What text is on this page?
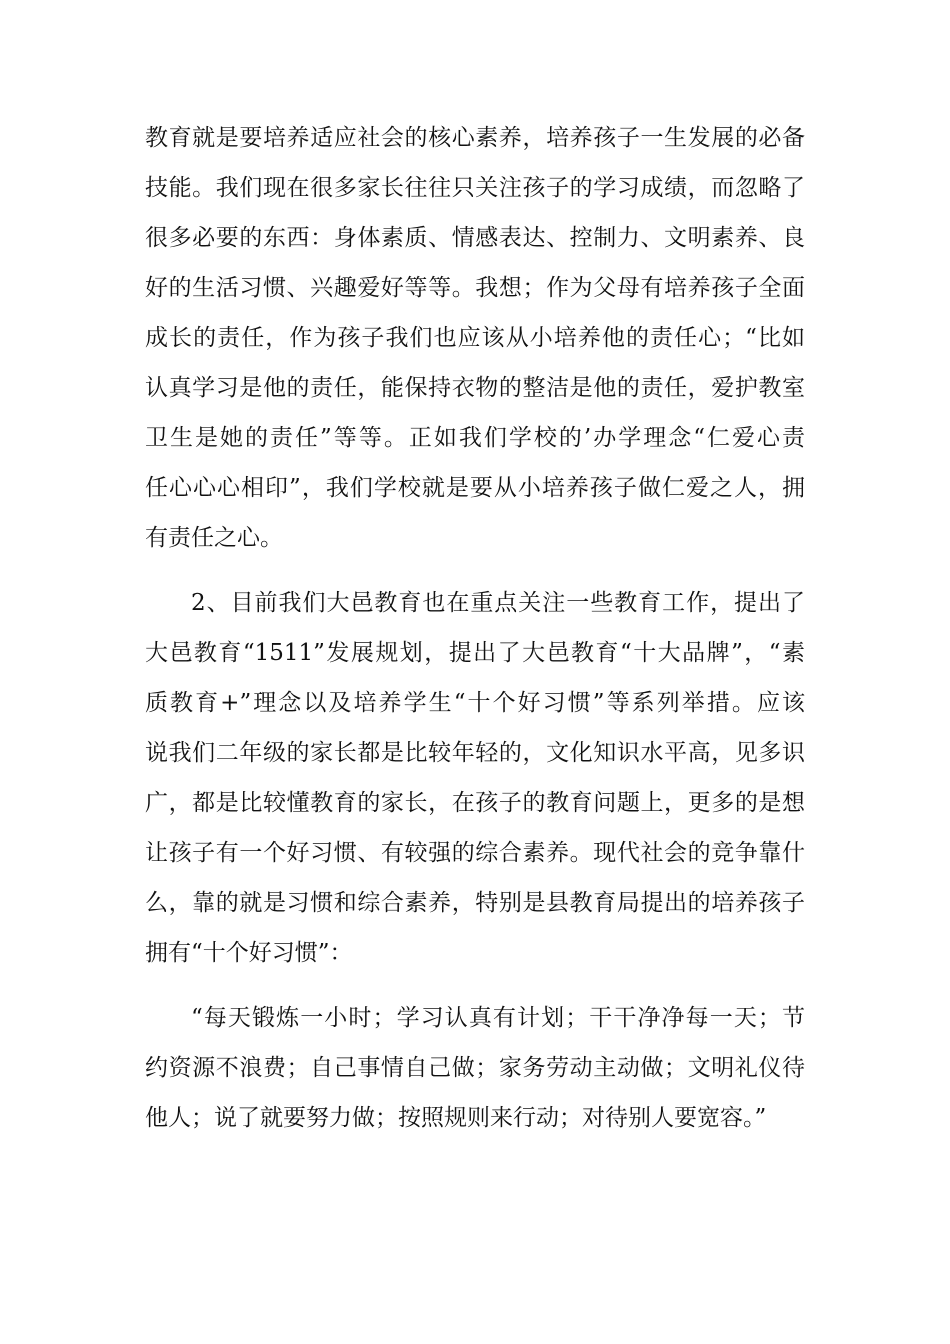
教育就是要培养适应社会的核心素养，培养孩子一生发展的必备
技能。我们现在很多家长往往只关注孩子的学习成绩，而忽略了
很多必要的东西：身体素质、情感表达、控制力、文明素养、良
好的生活习惯、兴趣爱好等等。我想；作为父母有培养孩子全面
成长的责任，作为孩子我们也应该从小培养他的责任心；“比如
认真学习是他的责任，能保持衣物的整洁是他的责任，爱护教室
卫生是她的责任”等等。正如我们学校的’办学理念“仁爱心责
任心心心相印”，我们学校就是要从小培养孩子做仁爱之人，拥
有责任之心。
2、目前我们大邑教育也在重点关注一些教育工作，提出了
大邑教育“1511”发展规划，提出了大邑教育“十大品牌”，“素
质教育+”理念以及培养学生“十个好习惯”等系列举措。应该
说我们二年级的家长都是比较年轻的，文化知识水平高，见多识
广，都是比较懂教育的家长，在孩子的教育问题上，更多的是想
让孩子有一个好习惯、有较强的综合素养。现代社会的竞争靠什
么，靠的就是习惯和综合素养，特别是县教育局提出的培养孩子
拥有“十个好习惯”：
“每天锻炼一小时；学习认真有计划；干干净净每一天；节
约资源不浪费；自己事情自己做；家务劳动主动做；文明礼仪待
他人；说了就要努力做；按照规则来行动；对待别人要宽容。”
